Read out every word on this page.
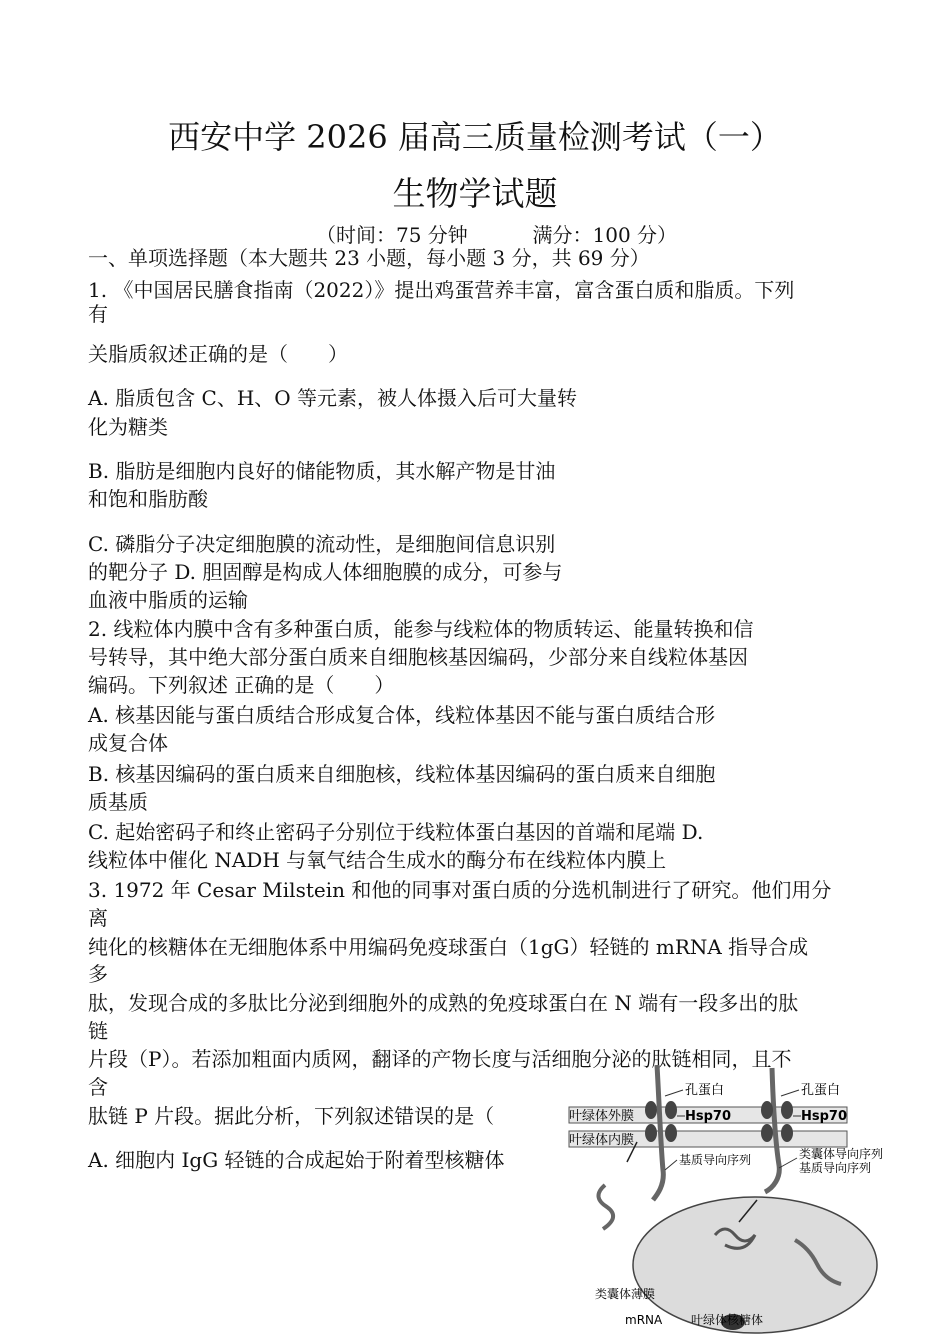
西安中学 2026 届高三质量检测考试（一）
生物学试题
（时间：75 分钟	满分：100 分）
一、单项选择题（本大题共 23 小题，每小题 3 分，共 69 分）
1. 《中国居民膳食指南（2022）》提出鸡蛋营养丰富，富含蛋白质和脂质。下列
有
关脂质叙述正确的是（　　）
A. 脂质包含 C、H、O 等元素，被人体摄入后可大量转
化为糖类
B. 脂肪是细胞内良好的储能物质，其水解产物是甘油
和饱和脂肪酸
C. 磷脂分子决定细胞膜的流动性，是细胞间信息识别
的靶分子 D. 胆固醇是构成人体细胞膜的成分，可参与
血液中脂质的运输
2. 线粒体内膜中含有多种蛋白质，能参与线粒体的物质转运、能量转换和信
号转导，其中绝大部分蛋白质来自细胞核基因编码，少部分来自线粒体基因
编码。下列叙述 正确的是（　　）
A. 核基因能与蛋白质结合形成复合体，线粒体基因不能与蛋白质结合形
成复合体
B. 核基因编码的蛋白质来自细胞核，线粒体基因编码的蛋白质来自细胞
质基质
C. 起始密码子和终止密码子分别位于线粒体蛋白基因的首端和尾端 D.
线粒体中催化 NADH 与氧气结合生成水的酶分布在线粒体内膜上
3. 1972 年 Cesar Milstein 和他的同事对蛋白质的分选机制进行了研究。他们用分
离
纯化的核糖体在无细胞体系中用编码免疫球蛋白（1gG）轻链的 mRNA 指导合成
多
肽，发现合成的多肽比分泌到细胞外的成熟的免疫球蛋白在 N 端有一段多出的肽
链
片段（P）。若添加粗面内质网，翻译的产物长度与活细胞分泌的肽链相同，且不
含
肽链 P 片段。据此分析，下列叙述错误的是（
A. 细胞内 IgG 轻链的合成起始于附着型核糖体
孔蛋白	孔蛋白
叶绿体外膜	Hsp70	Hsp70
叶绿体内膜
基质导向序列	类囊体导向序列
基质导向序列
类囊体薄膜
mRNA 叶绿体核糖体
